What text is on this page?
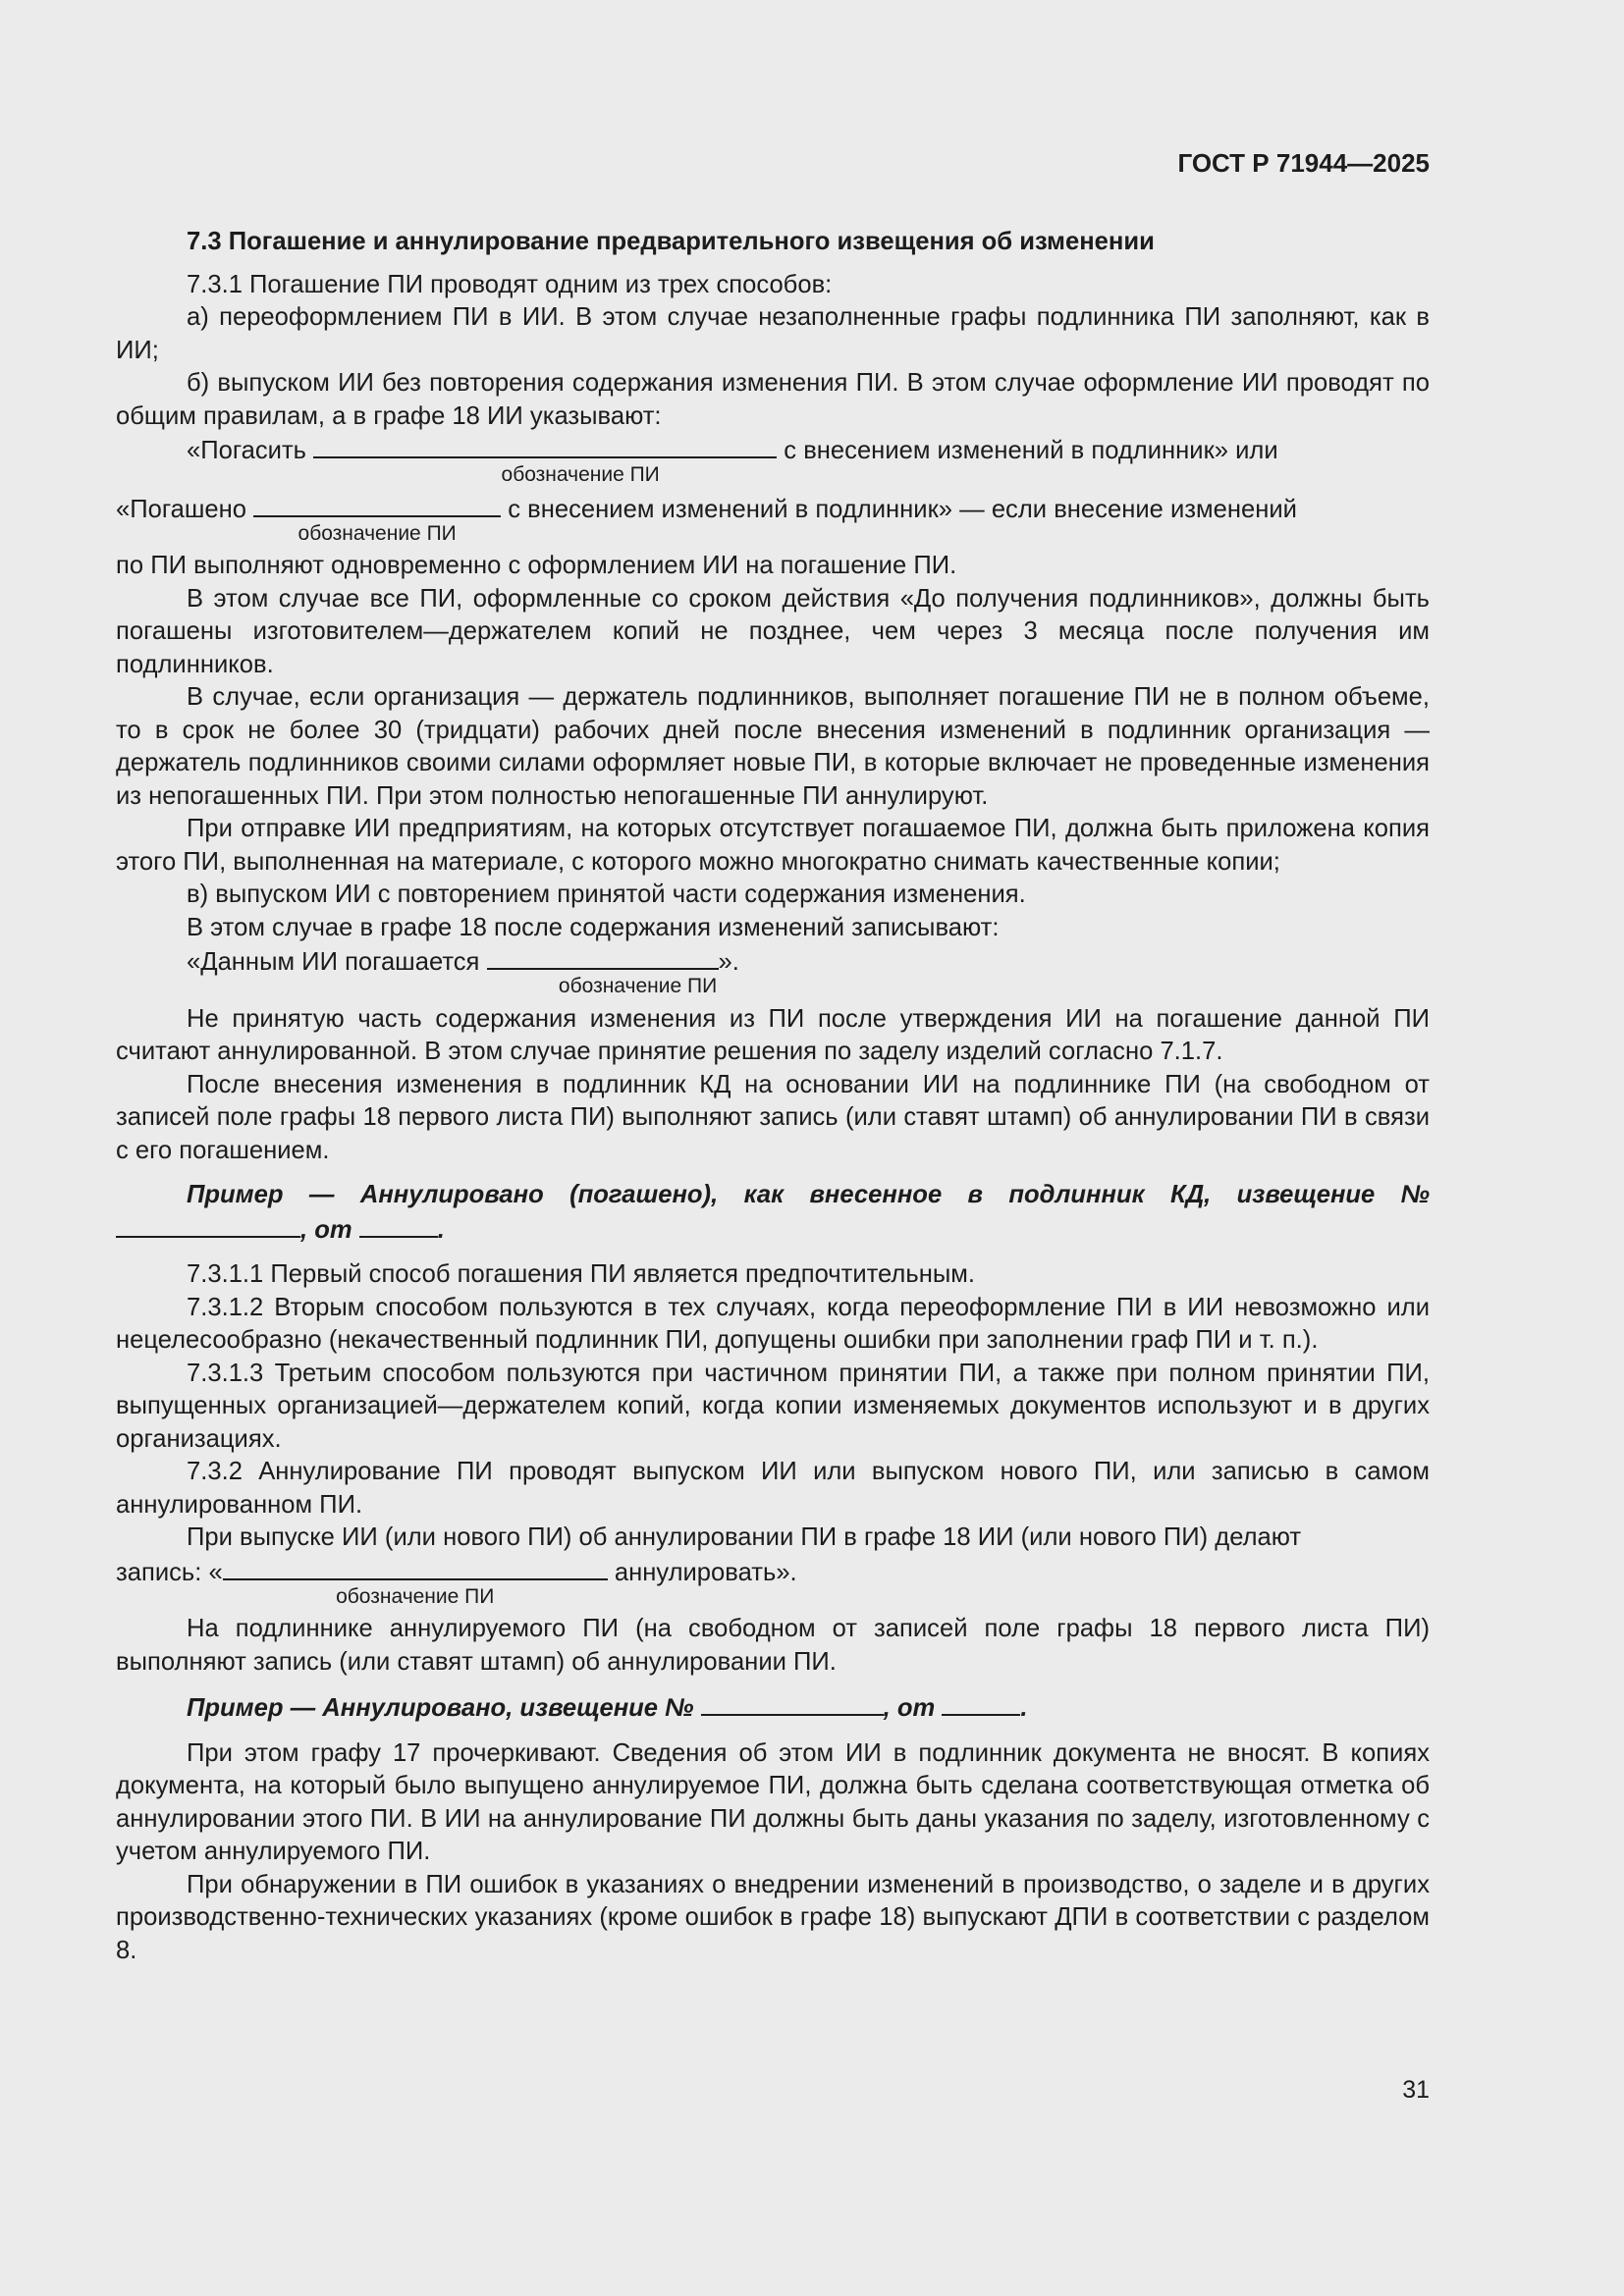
ГОСТ Р 71944—2025

7.3 Погашение и аннулирование предварительного извещения об изменении

7.3.1 Погашение ПИ проводят одним из трех способов:

а) переоформлением ПИ в ИИ. В этом случае незаполненные графы подлинника ПИ заполняют, как в ИИ;

б) выпуском ИИ без повторения содержания изменения ПИ. В этом случае оформление ИИ проводят по общим правилам, а в графе 18 ИИ указывают:

«Погасить
обозначение ПИ
с внесением изменений в подлинник» или

«Погашено
обозначение ПИ
с внесением изменений в подлинник» — если внесение изменений

по ПИ выполняют одновременно с оформлением ИИ на погашение ПИ.

В этом случае все ПИ, оформленные со сроком действия «До получения подлинников», должны быть погашены изготовителем—держателем копий не позднее, чем через 3 месяца после получения им подлинников.

В случае, если организация — держатель подлинников, выполняет погашение ПИ не в полном объеме, то в срок не более 30 (тридцати) рабочих дней после внесения изменений в подлинник организация — держатель подлинников своими силами оформляет новые ПИ, в которые включает не проведенные изменения из непогашенных ПИ. При этом полностью непогашенные ПИ аннулируют.

При отправке ИИ предприятиям, на которых отсутствует погашаемое ПИ, должна быть приложена копия этого ПИ, выполненная на материале, с которого можно многократно снимать качественные копии;

в) выпуском ИИ с повторением принятой части содержания изменения.

В этом случае в графе 18 после содержания изменений записывают:

«Данным ИИ погашается
обозначение ПИ
».

Не принятую часть содержания изменения из ПИ после утверждения ИИ на погашение данной ПИ считают аннулированной. В этом случае принятие решения по заделу изделий согласно 7.1.7.

После внесения изменения в подлинник КД на основании ИИ на подлиннике ПИ (на свободном от записей поле графы 18 первого листа ПИ) выполняют запись (или ставят штамп) об аннулировании ПИ в связи с его погашением.

Пример — Аннулировано (погашено), как внесенное в подлинник КД, извещение № , от	.

7.3.1.1 Первый способ погашения ПИ является предпочтительным.

7.3.1.2 Вторым способом пользуются в тех случаях, когда переоформление ПИ в ИИ невозможно или нецелесообразно (некачественный подлинник ПИ, допущены ошибки при заполнении граф ПИ и т. п.).

7.3.1.3 Третьим способом пользуются при частичном принятии ПИ, а также при полном принятии ПИ, выпущенных организацией—держателем копий, когда копии изменяемых документов используют и в других организациях.

7.3.2 Аннулирование ПИ проводят выпуском ИИ или выпуском нового ПИ, или записью в самом аннулированном ПИ.

При выпуске ИИ (или нового ПИ) об аннулировании ПИ в графе 18 ИИ (или нового ПИ) делают

запись: «
обозначение ПИ
аннулировать».

На подлиннике аннулируемого ПИ (на свободном от записей поле графы 18 первого листа ПИ) выполняют запись (или ставят штамп) об аннулировании ПИ.

Пример — Аннулировано, извещение №	, от	.

При этом графу 17 прочеркивают. Сведения об этом ИИ в подлинник документа не вносят. В копиях документа, на который было выпущено аннулируемое ПИ, должна быть сделана соответствующая отметка об аннулировании этого ПИ. В ИИ на аннулирование ПИ должны быть даны указания по заделу, изготовленному с учетом аннулируемого ПИ.

При обнаружении в ПИ ошибок в указаниях о внедрении изменений в производство, о заделе и в других производственно-технических указаниях (кроме ошибок в графе 18) выпускают ДПИ в соответствии с разделом 8.

31
